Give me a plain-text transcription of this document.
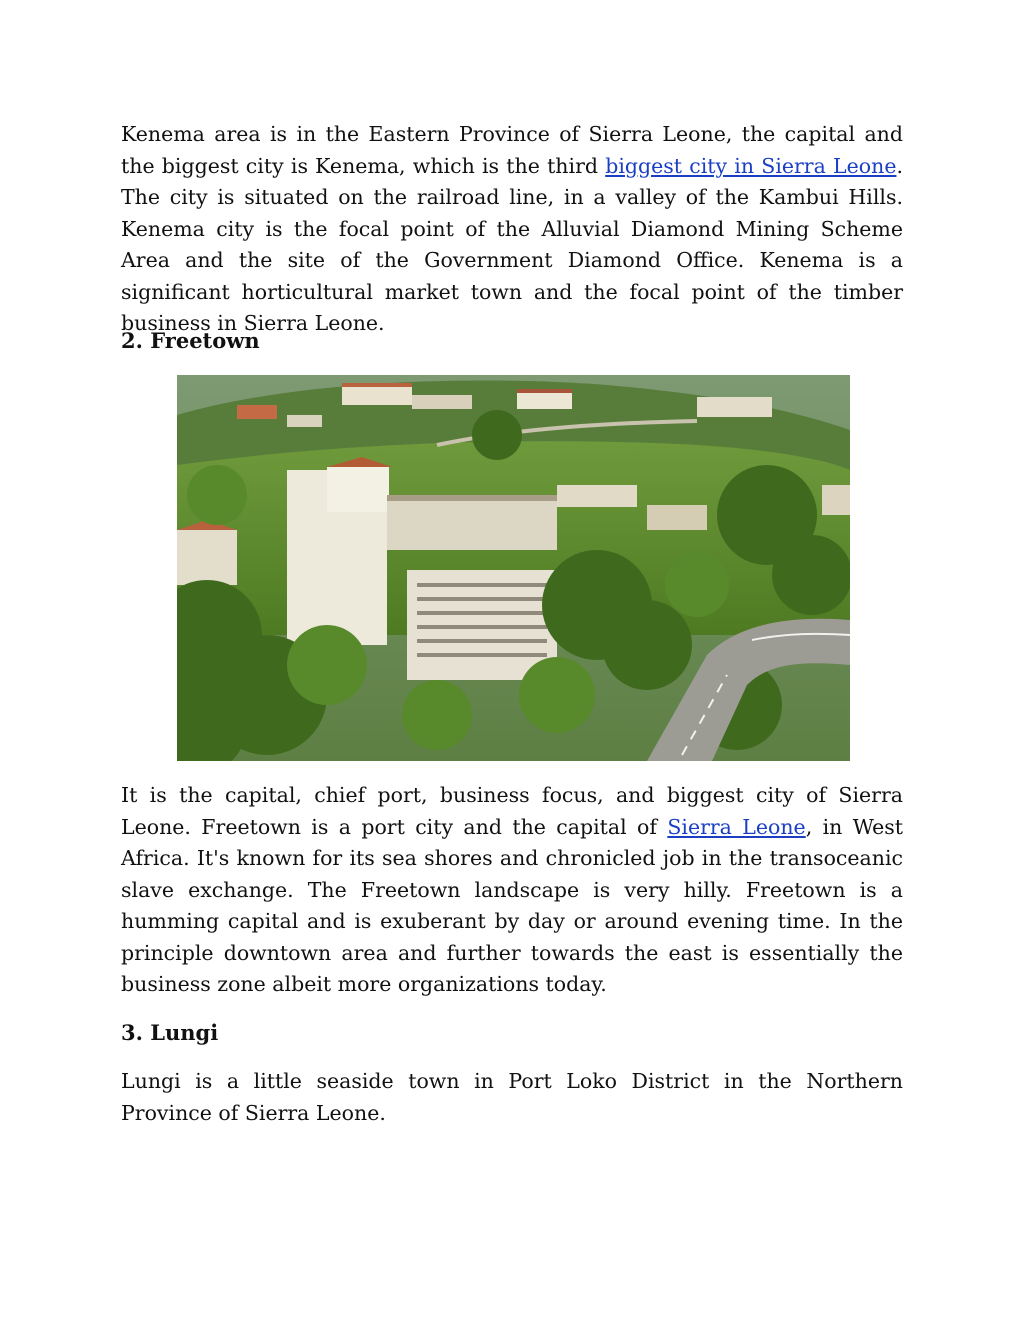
Kenema area is in the Eastern Province of Sierra Leone, the capital and the biggest city is Kenema, which is the third biggest city in Sierra Leone. The city is situated on the railroad line, in a valley of the Kambui Hills. Kenema city is the focal point of the Alluvial Diamond Mining Scheme Area and the site of the Government Diamond Office. Kenema is a significant horticultural market town and the focal point of the timber business in Sierra Leone.

2. Freetown

It is the capital, chief port, business focus, and biggest city of Sierra Leone. Freetown is a port city and the capital of Sierra Leone, in West Africa. It's known for its sea shores and chronicled job in the transoceanic slave exchange. The Freetown landscape is very hilly. Freetown is a humming capital and is exuberant by day or around evening time. In the principle downtown area and further towards the east is essentially the business zone albeit more organizations today.

3. Lungi

Lungi is a little seaside town in Port Loko District in the Northern Province of Sierra Leone.
